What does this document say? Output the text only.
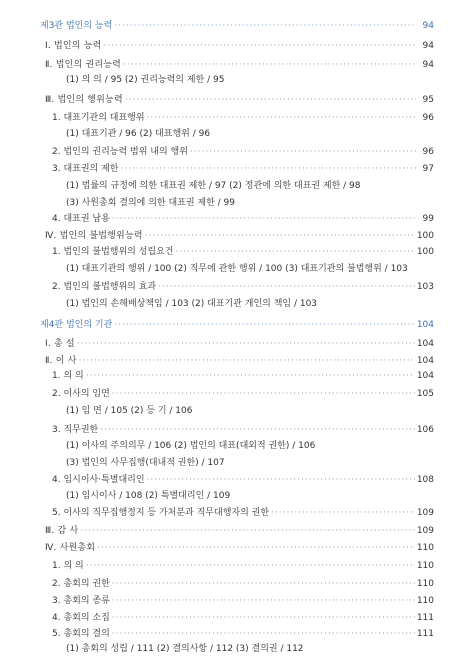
제3관 법인의 능력 ·····	94
Ⅰ. 법인의 능력 ·····	94
Ⅱ. 법인의 권리능력 ·····	94
(1) 의 의 / 95 (2) 권리능력의 제한 / 95
Ⅲ. 법인의 행위능력 ·····	95
1. 대표기관의 대표행위 ·····	96
(1) 대표기관 / 96 (2) 대표행위 / 96
2. 법인의 권리능력 범위 내의 행위 ·····	96
3. 대표권의 제한 ·····	97
(1) 법률의 규정에 의한 대표권 제한 / 97 (2) 정관에 의한 대표권 제한 / 98
(3) 사원총회 결의에 의한 대표권 제한 / 99
4. 대표권 남용 ·····	99
Ⅳ. 법인의 불법행위능력 ·····	100
1. 법인의 불법행위의 성립요건 ·····	100
(1) 대표기관의 행위 / 100 (2) 직무에 관한 행위 / 100 (3) 대표기관의 불법행위 / 103
2. 법인의 불법행위의 효과 ·····	103
(1) 법인의 손해배상책임 / 103 (2) 대표기관 개인의 책임 / 103
제4관 법인의 기관 ·····	104
Ⅰ. 총 설 ·····	104
Ⅱ. 이 사 ·····	104
1. 의 의 ·····	104
2. 이사의 임면 ·····	105
(1) 임 면 / 105 (2) 등 기 / 106
3. 직무권한 ·····	106
(1) 이사의 주의의무 / 106 (2) 법인의 대표(대외적 권한) / 106
(3) 법인의 사무집행(대내적 권한) / 107
4. 임시이사·특별대리인 ·····	108
(1) 임시이사 / 108 (2) 특별대리인 / 109
5. 이사의 직무집행정지 등 가처분과 직무대행자의 권한 ·····	109
Ⅲ. 감 사 ·····	109
Ⅳ. 사원총회 ·····	110
1. 의 의 ·····	110
2. 총회의 권한 ·····	110
3. 총회의 종류 ·····	110
4. 총회의 소집 ·····	111
5. 총회의 결의 ·····	111
(1) 총회의 성립 / 111 (2) 결의사항 / 112 (3) 결의권 / 112
